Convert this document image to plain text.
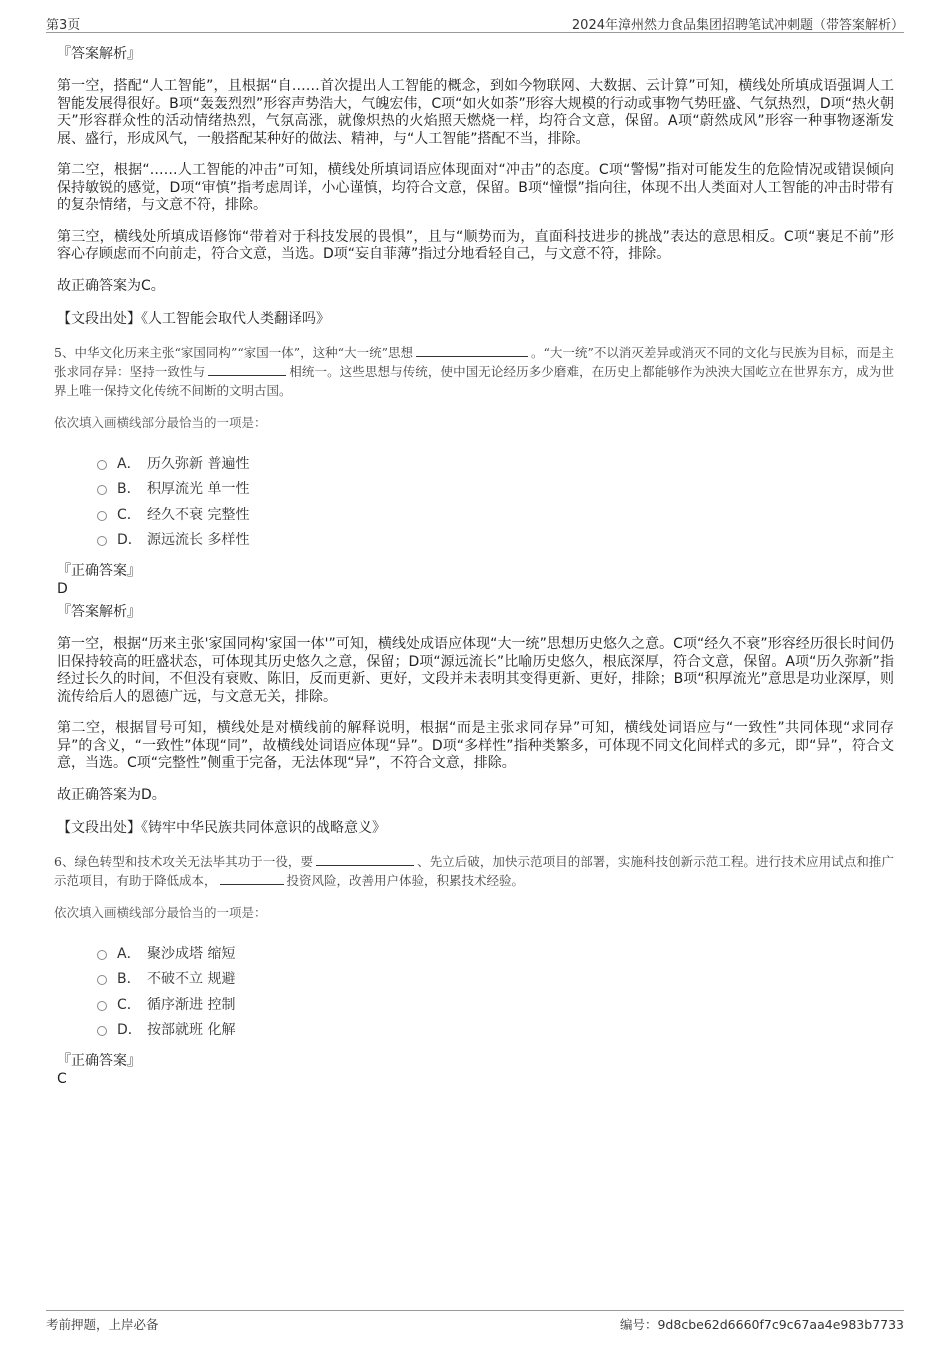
第3页	2024年漳州然力食品集团招聘笔试冲刺题（带答案解析）
『答案解析』

第一空，搭配“人工智能”，且根据“自……首次提出人工智能的概念，到如今物联网、大数据、云计算”可知，横线处所填成语强调人工智能发展得很好。B项“轰轰烈烈”形容声势浩大，气魄宏伟，C项“如火如荼”形容大规模的行动或事物气势旺盛、气氛热烈，D项“热火朝天”形容群众性的活动情绪热烈，气氛高涨，就像炽热的火焰照天燃烧一样，均符合文意，保留。A项“蔚然成风”形容一种事物逐渐发展、盛行，形成风气，一般搭配某种好的做法、精神，与“人工智能”搭配不当，排除。

第二空，根据“……人工智能的冲击”可知，横线处所填词语应体现面对“冲击”的态度。C项“警惕”指对可能发生的危险情况或错误倾向保持敏锐的感觉，D项“审慎”指考虑周详，小心谨慎，均符合文意，保留。B项“憧憬”指向往，体现不出人类面对人工智能的冲击时带有的复杂情绪，与文意不符，排除。

第三空，横线处所填成语修饰“带着对于科技发展的畏惧”，且与“顺势而为，直面科技进步的挑战”表达的意思相反。C项“裹足不前”形容心存顾虑而不向前走，符合文意，当选。D项“妄自菲薄”指过分地看轻自己，与文意不符，排除。

故正确答案为C。

【文段出处】《人工智能会取代人类翻译吗》

5、中华文化历来主张“家国同构”“家国一体”，这种“大一统”思想	。“大一统”不以消灭差异或消灭不同的文化与民族为目标，而是主张求同存异：坚持一致性与	相统一。这些思想与传统，使中国无论经历多少磨难，在历史上都能够作为泱泱大国屹立在世界东方，成为世界上唯一保持文化传统不间断的文明古国。

依次填入画横线部分最恰当的一项是：
A． 历久弥新 普遍性
B． 积厚流光 单一性
C． 经久不衰 完整性
D． 源远流长 多样性
『正确答案』
D
『答案解析』

第一空，根据“历来主张'家国同构'家国一体'”可知，横线处成语应体现“大一统”思想历史悠久之意。C项“经久不衰”形容经历很长时间仍旧保持较高的旺盛状态，可体现其历史悠久之意，保留；D项“源远流长”比喻历史悠久，根底深厚，符合文意，保留。A项“历久弥新”指经过长久的时间，不但没有衰败、陈旧，反而更新、更好，文段并未表明其变得更新、更好，排除；B项“积厚流光”意思是功业深厚，则流传给后人的恩德广远，与文意无关，排除。

第二空，根据冒号可知，横线处是对横线前的解释说明，根据“而是主张求同存异”可知，横线处词语应与“一致性”共同体现“求同存异”的含义，“一致性”体现“同”，故横线处词语应体现“异”。D项“多样性”指种类繁多，可体现不同文化间样式的多元，即“异”，符合文意，当选。C项“完整性”侧重于完备，无法体现“异”，不符合文意，排除。

故正确答案为D。

【文段出处】《铸牢中华民族共同体意识的战略意义》

6、绿色转型和技术攻关无法毕其功于一役，要	、先立后破，加快示范项目的部署，实施科技创新示范工程。进行技术应用试点和推广示范项目，有助于降低成本，	投资风险，改善用户体验，积累技术经验。

依次填入画横线部分最恰当的一项是：
A． 聚沙成塔 缩短
B． 不破不立 规避
C． 循序渐进 控制
D． 按部就班 化解
『正确答案』
C
考前押题，上岸必备	编号：9d8cbe62d6660f7c9c67aa4e983b7733
